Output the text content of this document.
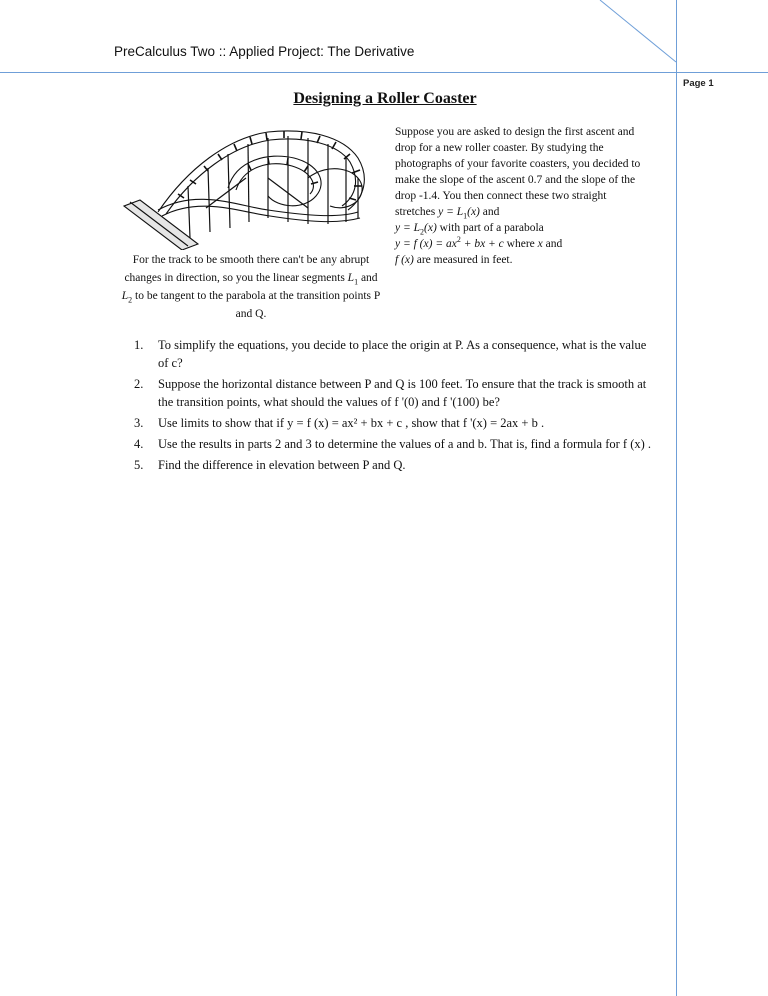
PreCalculus Two :: Applied Project: The Derivative
Page 1
Designing a Roller Coaster
For the track to be smooth there can't be any abrupt changes in direction, so you the linear segments $L_1$ and $L_2$ to be tangent to the parabola at the transition points P and Q.
Suppose you are asked to design the first ascent and drop for a new roller coaster. By studying the photographs of your favorite coasters, you decided to make the slope of the ascent 0.7 and the slope of the drop -1.4. You then connect these two straight stretches $y = L_1(x)$ and
$y = L_2(x)$ with part of a parabola
y = f $(x) = ax^2$ + bx + c where x and
f (x) are measured in feet.
1.	To simplify the equations, you decide to place the origin at P. As a consequence, what is the value of c?
2.	Suppose the horizontal distance between P and Q is 100 feet. To ensure that the track is smooth at the transition points, what should the values of f '(0) and f '(100) be?
3.	Use limits to show that if y = f (x) = ax² + bx + c , show that f '(x) = 2ax + b .
4.	Use the results in parts 2 and 3 to determine the values of a and b. That is, find a formula for f (x) .
5.	Find the difference in elevation between P and Q.
